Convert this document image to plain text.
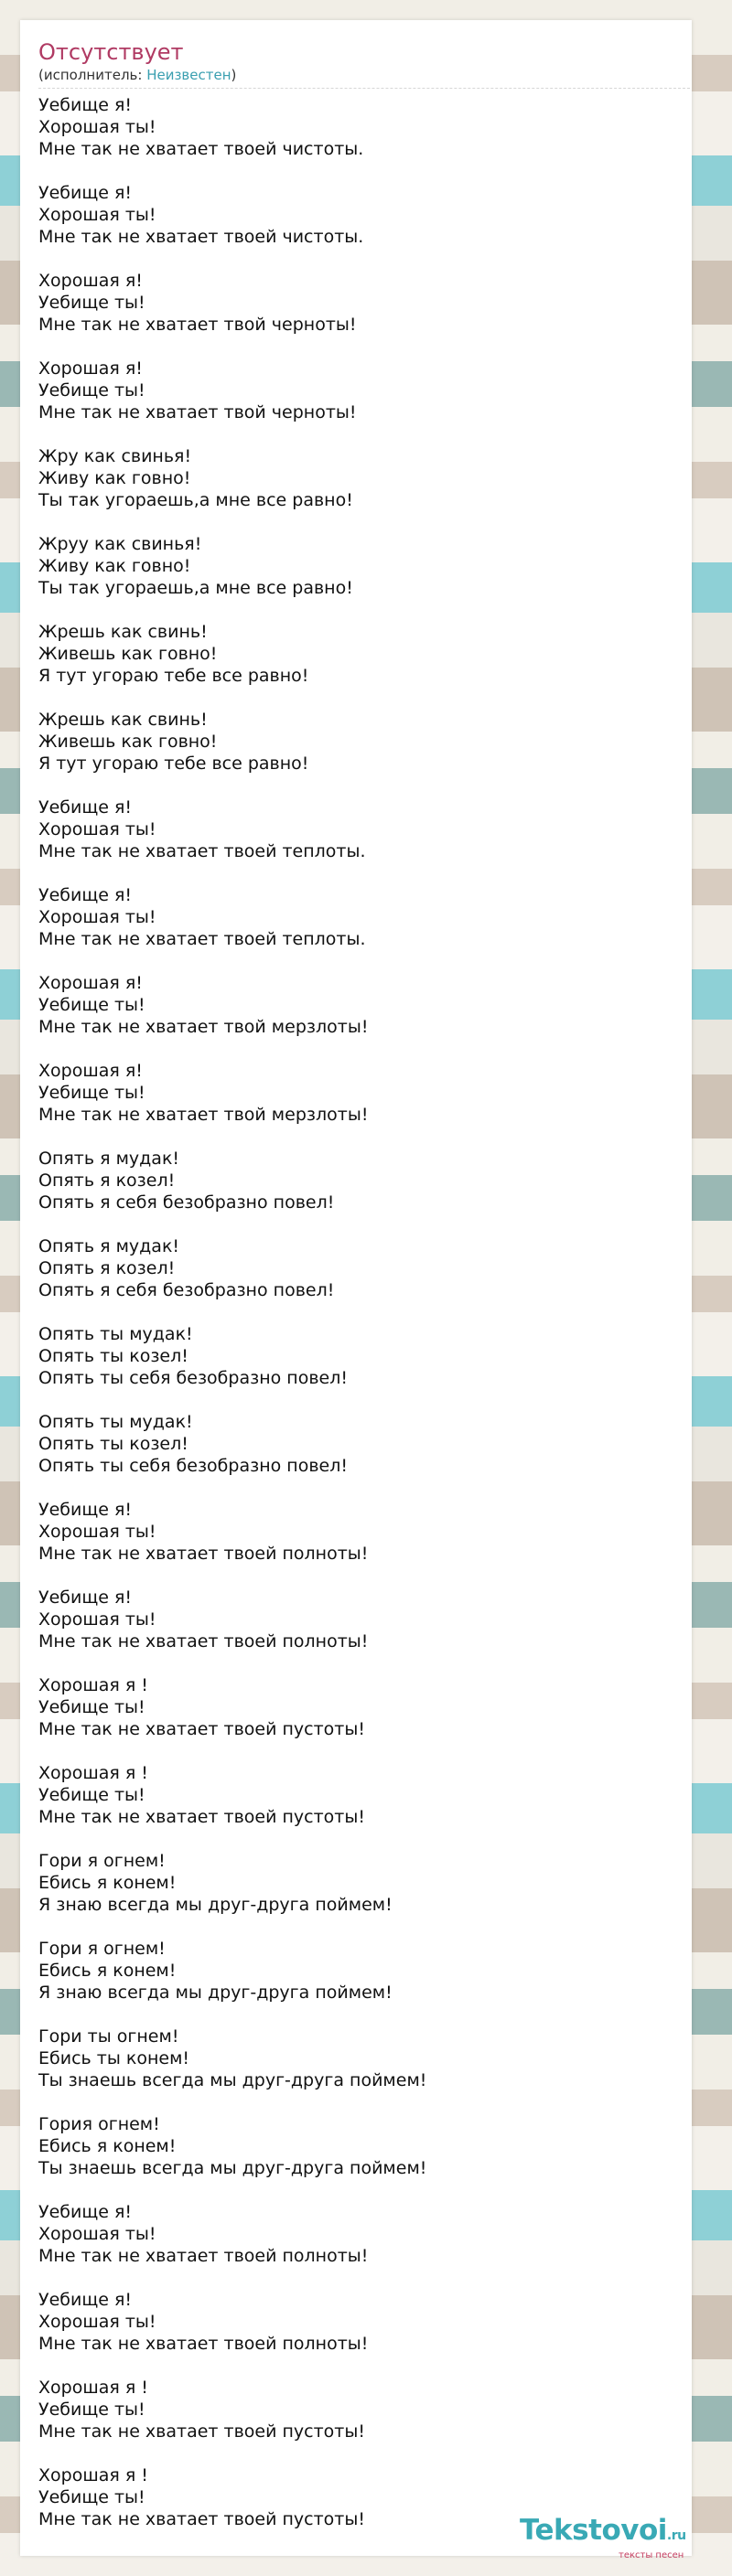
Отсутствует
(исполнитель: Неизвестен)
Уебище я!
Хорошая ты!
Мне так не хватает твоей чистоты.
Уебище я!
Хорошая ты!
Мне так не хватает твоей чистоты.
Хорошая я!
Уебище ты!
Мне так не хватает твой черноты!
Хорошая я!
Уебище ты!
Мне так не хватает твой черноты!
Жру как свинья!
Живу как говно!
Ты так угораешь,а мне все равно!
Жруу как свинья!
Живу как говно!
Ты так угораешь,а мне все равно!
Жрешь как свинь!
Живешь как говно!
Я тут угораю тебе все равно!
Жрешь как свинь!
Живешь как говно!
Я тут угораю тебе все равно!
Уебище я!
Хорошая ты!
Мне так не хватает твоей теплоты.
Уебище я!
Хорошая ты!
Мне так не хватает твоей теплоты.
Хорошая я!
Уебище ты!
Мне так не хватает твой мерзлоты!
Хорошая я!
Уебище ты!
Мне так не хватает твой мерзлоты!
Опять я мудак!
Опять я козел!
Опять я себя безобразно повел!
Опять я мудак!
Опять я козел!
Опять я себя безобразно повел!
Опять ты мудак!
Опять ты козел!
Опять ты себя безобразно повел!
Опять ты мудак!
Опять ты козел!
Опять ты себя безобразно повел!
Уебище я!
Хорошая ты!
Мне так не хватает твоей полноты!
Уебище я!
Хорошая ты!
Мне так не хватает твоей полноты!
Хорошая я !
Уебище ты!
Мне так не хватает твоей пустоты!
Хорошая я !
Уебище ты!
Мне так не хватает твоей пустоты!
Гори я огнем!
Ебись я конем!
Я знаю всегда мы друг-друга поймем!
Гори я огнем!
Ебись я конем!
Я знаю всегда мы друг-друга поймем!
Гори ты огнем!
Ебись ты конем!
Ты знаешь всегда мы друг-друга поймем!
Гория огнем!
Ебись я конем!
Ты знаешь всегда мы друг-друга поймем!
Уебище я!
Хорошая ты!
Мне так не хватает твоей полноты!
Уебище я!
Хорошая ты!
Мне так не хватает твоей полноты!
Хорошая я !
Уебище ты!
Мне так не хватает твоей пустоты!
Хорошая я !
Уебище ты!
Мне так не хватает твоей пустоты!	Tekstovoi.ru
тексты песен
